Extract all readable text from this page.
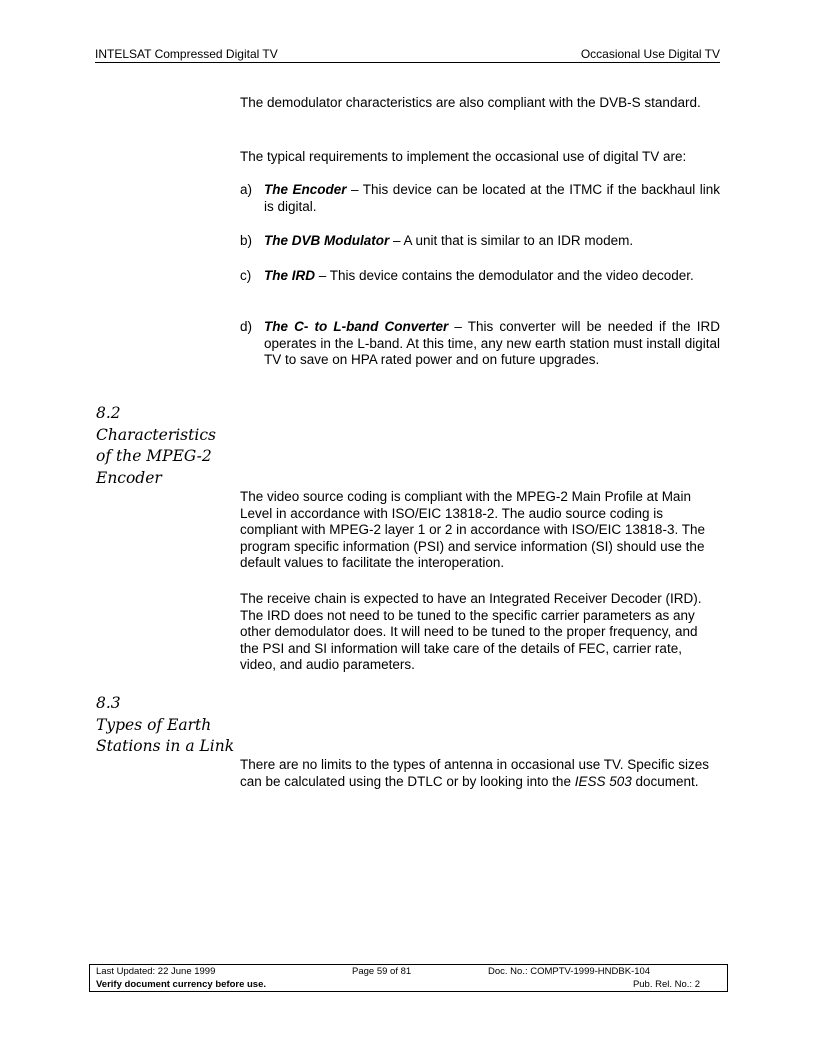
INTELSAT Compressed Digital TV	Occasional Use Digital TV

The demodulator characteristics are also compliant with the DVB-S standard.

The typical requirements to implement the occasional use of digital TV are:

a) The Encoder – This device can be located at the ITMC if the backhaul link is digital.
b) The DVB Modulator – A unit that is similar to an IDR modem.
c) The IRD – This device contains the demodulator and the video decoder.
d) The C- to L-band Converter – This converter will be needed if the IRD operates in the L-band. At this time, any new earth station must install digital TV to save on HPA rated power and on future upgrades.
8.2
Characteristics
of the MPEG-2
Encoder

The video source coding is compliant with the MPEG-2 Main Profile at Main Level in accordance with ISO/EIC 13818-2. The audio source coding is compliant with MPEG-2 layer 1 or 2 in accordance with ISO/EIC 13818-3. The program specific information (PSI) and service information (SI) should use the default values to facilitate the interoperation.

The receive chain is expected to have an Integrated Receiver Decoder (IRD). The IRD does not need to be tuned to the specific carrier parameters as any other demodulator does. It will need to be tuned to the proper frequency, and the PSI and SI information will take care of the details of FEC, carrier rate, video, and audio parameters.

8.3
Types of Earth
Stations in a Link

There are no limits to the types of antenna in occasional use TV. Specific sizes can be calculated using the DTLC or by looking into the IESS 503 document.

Last Updated: 22 June 1999	Page 59 of 81	Doc. No.: COMPTV-1999-HNDBK-104
Verify document currency before use.	Pub. Rel. No.: 2
